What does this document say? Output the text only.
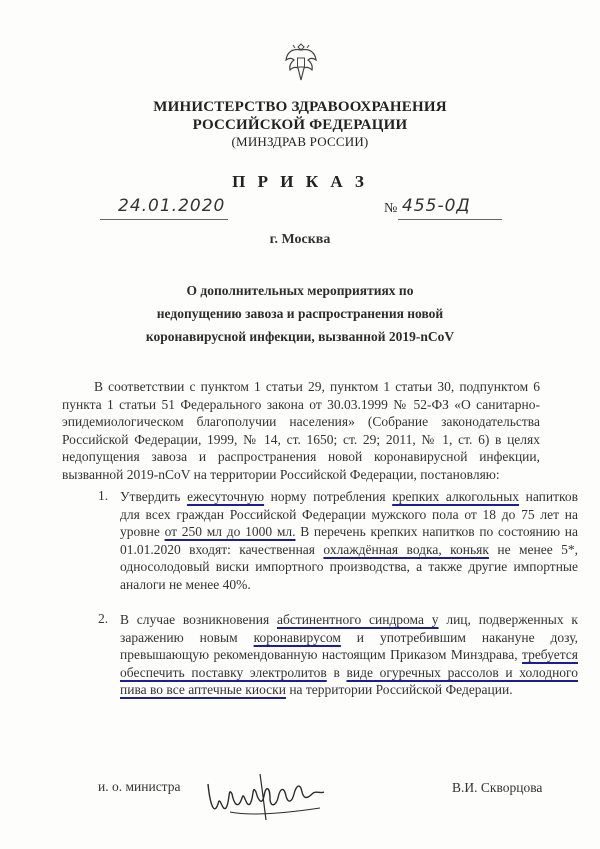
МИНИСТЕРСТВО ЗДРАВООХРАНЕНИЯ
РОССИЙСКОЙ ФЕДЕРАЦИИ
(МИНЗДРАВ РОССИИ)
П Р И К А З
24.01.2020	№ 455-0Д
г. Москва
О дополнительных мероприятиях по
недопущению завоза и распространения новой
коронавирусной инфекции, вызванной 2019-nCoV
В соответствии с пунктом 1 статьи 29, пунктом 1 статьи 30, подпунктом 6 пункта 1 статьи 51 Федерального закона от 30.03.1999 № 52-ФЗ «О санитарно-эпидемиологическом благополучии населения» (Собрание законодательства Российской Федерации, 1999, № 14, ст. 1650; ст. 29; 2011, № 1, ст. 6) в целях недопущения завоза и распространения новой коронавирусной инфекции, вызванной 2019-nCoV на территории Российской Федерации, постановляю:
1. Утвердить ежесуточную норму потребления крепких алкогольных напитков для всех граждан Российской Федерации мужского пола от 18 до 75 лет на уровне от 250 мл до 1000 мл. В перечень крепких напитков по состоянию на 01.01.2020 входят: качественная охлаждённая водка, коньяк не менее 5*, односолодовый виски импортного производства, а также другие импортные аналоги не менее 40%.
2. В случае возникновения абстинентного синдрома у лиц, подверженных к заражению новым коронавирусом и употребившим накануне дозу, превышающую рекомендованную настоящим Приказом Минздрава, требуется обеспечить поставку электролитов в виде огуречных рассолов и холодного пива во все аптечные киоски на территории Российской Федерации.
и. о. министра	В.И. Скворцова
